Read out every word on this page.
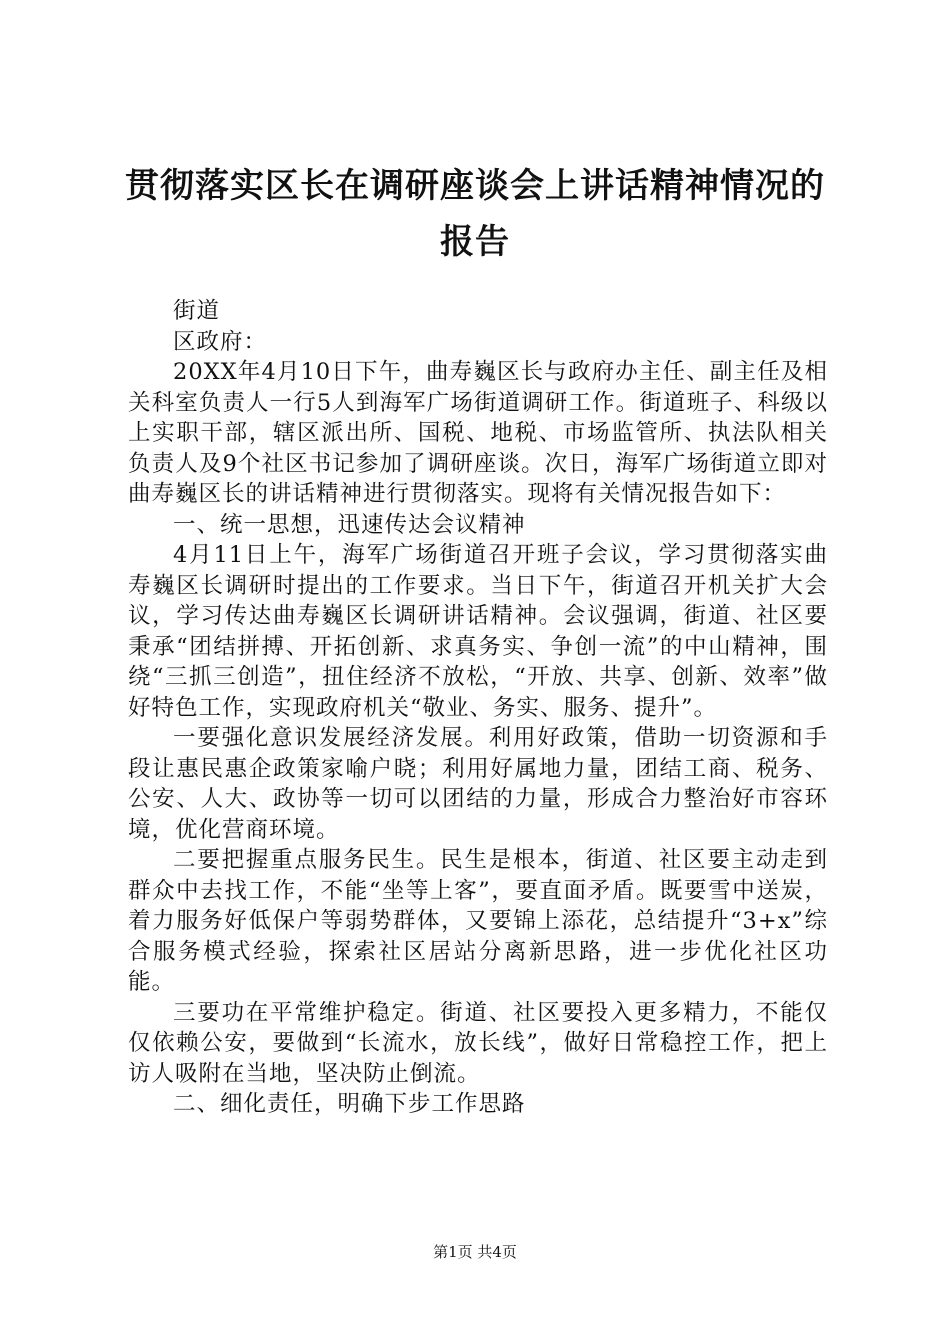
贯彻落实区长在调研座谈会上讲话精神情况的报告

街道

区政府：

20XX年4月10日下午，曲寿巍区长与政府办主任、副主任及相关科室负责人一行5人到海军广场街道调研工作。街道班子、科级以上实职干部，辖区派出所、国税、地税、市场监管所、执法队相关负责人及9个社区书记参加了调研座谈。次日，海军广场街道立即对曲寿巍区长的讲话精神进行贯彻落实。现将有关情况报告如下：

一、统一思想，迅速传达会议精神

4月11日上午，海军广场街道召开班子会议，学习贯彻落实曲寿巍区长调研时提出的工作要求。当日下午，街道召开机关扩大会议，学习传达曲寿巍区长调研讲话精神。会议强调，街道、社区要秉承“团结拼搏、开拓创新、求真务实、争创一流”的中山精神，围绕“三抓三创造”，扭住经济不放松，“开放、共享、创新、效率”做好特色工作，实现政府机关“敬业、务实、服务、提升”。

一要强化意识发展经济发展。利用好政策，借助一切资源和手段让惠民惠企政策家喻户晓；利用好属地力量，团结工商、税务、公安、人大、政协等一切可以团结的力量，形成合力整治好市容环境，优化营商环境。

二要把握重点服务民生。民生是根本，街道、社区要主动走到群众中去找工作，不能“坐等上客”，要直面矛盾。既要雪中送炭，着力服务好低保户等弱势群体，又要锦上添花，总结提升“3+x”综合服务模式经验，探索社区居站分离新思路，进一步优化社区功能。

三要功在平常维护稳定。街道、社区要投入更多精力，不能仅仅依赖公安，要做到“长流水，放长线”，做好日常稳控工作，把上访人吸附在当地，坚决防止倒流。

二、细化责任，明确下步工作思路

第1页 共4页
